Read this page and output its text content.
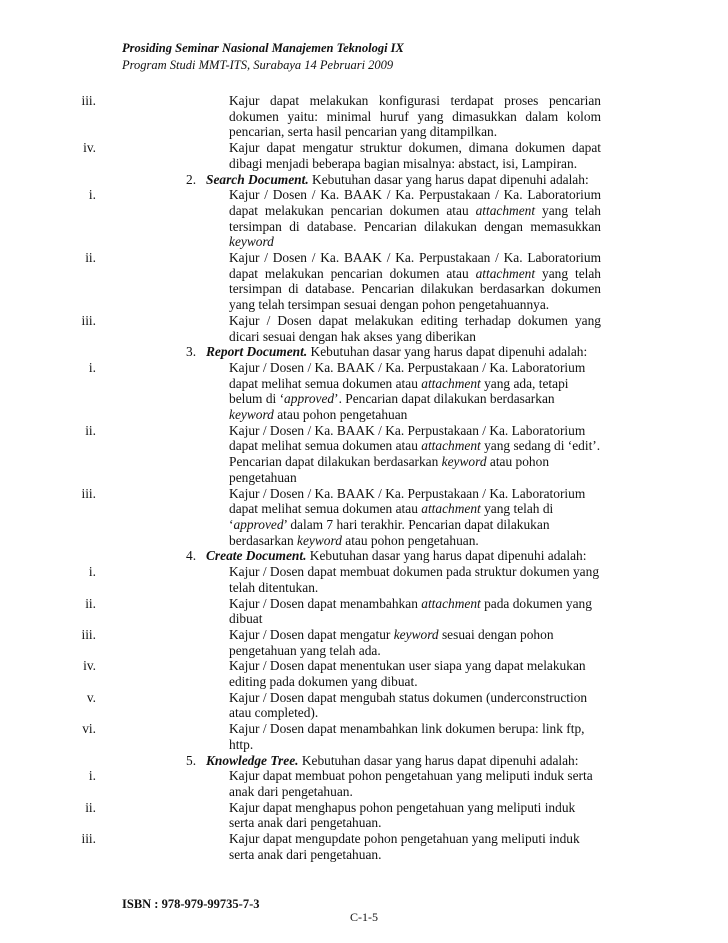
Prosiding Seminar Nasional Manajemen Teknologi IX
Program Studi MMT-ITS, Surabaya 14 Pebruari 2009
iii.	Kajur dapat melakukan konfigurasi terdapat proses pencarian dokumen yaitu: minimal huruf yang dimasukkan dalam kolom pencarian, serta hasil pencarian yang ditampilkan.
iv.	Kajur dapat mengatur struktur dokumen, dimana dokumen dapat dibagi menjadi beberapa bagian misalnya: abstact, isi, Lampiran.
2. Search Document. Kebutuhan dasar yang harus dapat dipenuhi adalah:
i.	Kajur / Dosen / Ka. BAAK / Ka. Perpustakaan / Ka. Laboratorium dapat melakukan pencarian dokumen atau attachment yang telah tersimpan di database. Pencarian dilakukan dengan memasukkan keyword
ii.	Kajur / Dosen / Ka. BAAK / Ka. Perpustakaan / Ka. Laboratorium dapat melakukan pencarian dokumen atau attachment yang telah tersimpan di database. Pencarian dilakukan berdasarkan dokumen yang telah tersimpan sesuai dengan pohon pengetahuannya.
iii.	Kajur / Dosen dapat melakukan editing terhadap dokumen yang dicari sesuai dengan hak akses yang diberikan
3. Report Document. Kebutuhan dasar yang harus dapat dipenuhi adalah:
i.	Kajur / Dosen / Ka. BAAK / Ka. Perpustakaan / Ka. Laboratorium dapat melihat semua dokumen atau attachment yang ada, tetapi belum di ‘approved’. Pencarian dapat dilakukan berdasarkan keyword atau pohon pengetahuan
ii.	Kajur / Dosen / Ka. BAAK / Ka. Perpustakaan / Ka. Laboratorium dapat melihat semua dokumen atau attachment yang sedang di ‘edit’. Pencarian dapat dilakukan berdasarkan keyword atau pohon pengetahuan
iii.	Kajur / Dosen / Ka. BAAK / Ka. Perpustakaan / Ka. Laboratorium dapat melihat semua dokumen atau attachment yang telah di ‘approved’ dalam 7 hari terakhir. Pencarian dapat dilakukan berdasarkan keyword atau pohon pengetahuan.
4. Create Document. Kebutuhan dasar yang harus dapat dipenuhi adalah:
i.	Kajur / Dosen dapat membuat dokumen pada struktur dokumen yang telah ditentukan.
ii.	Kajur / Dosen dapat menambahkan attachment pada dokumen yang dibuat
iii.	Kajur / Dosen dapat mengatur keyword sesuai dengan pohon pengetahuan yang telah ada.
iv.	Kajur / Dosen dapat menentukan user siapa yang dapat melakukan editing pada dokumen yang dibuat.
v.	Kajur / Dosen dapat mengubah status dokumen (underconstruction atau completed).
vi.	Kajur / Dosen dapat menambahkan link dokumen berupa: link ftp, http.
5. Knowledge Tree. Kebutuhan dasar yang harus dapat dipenuhi adalah:
i.	Kajur dapat membuat pohon pengetahuan yang meliputi induk serta anak dari pengetahuan.
ii.	Kajur dapat menghapus pohon pengetahuan yang meliputi induk serta anak dari pengetahuan.
iii.	Kajur dapat mengupdate pohon pengetahuan yang meliputi induk serta anak dari pengetahuan.
ISBN : 978-979-99735-7-3
C-1-5
